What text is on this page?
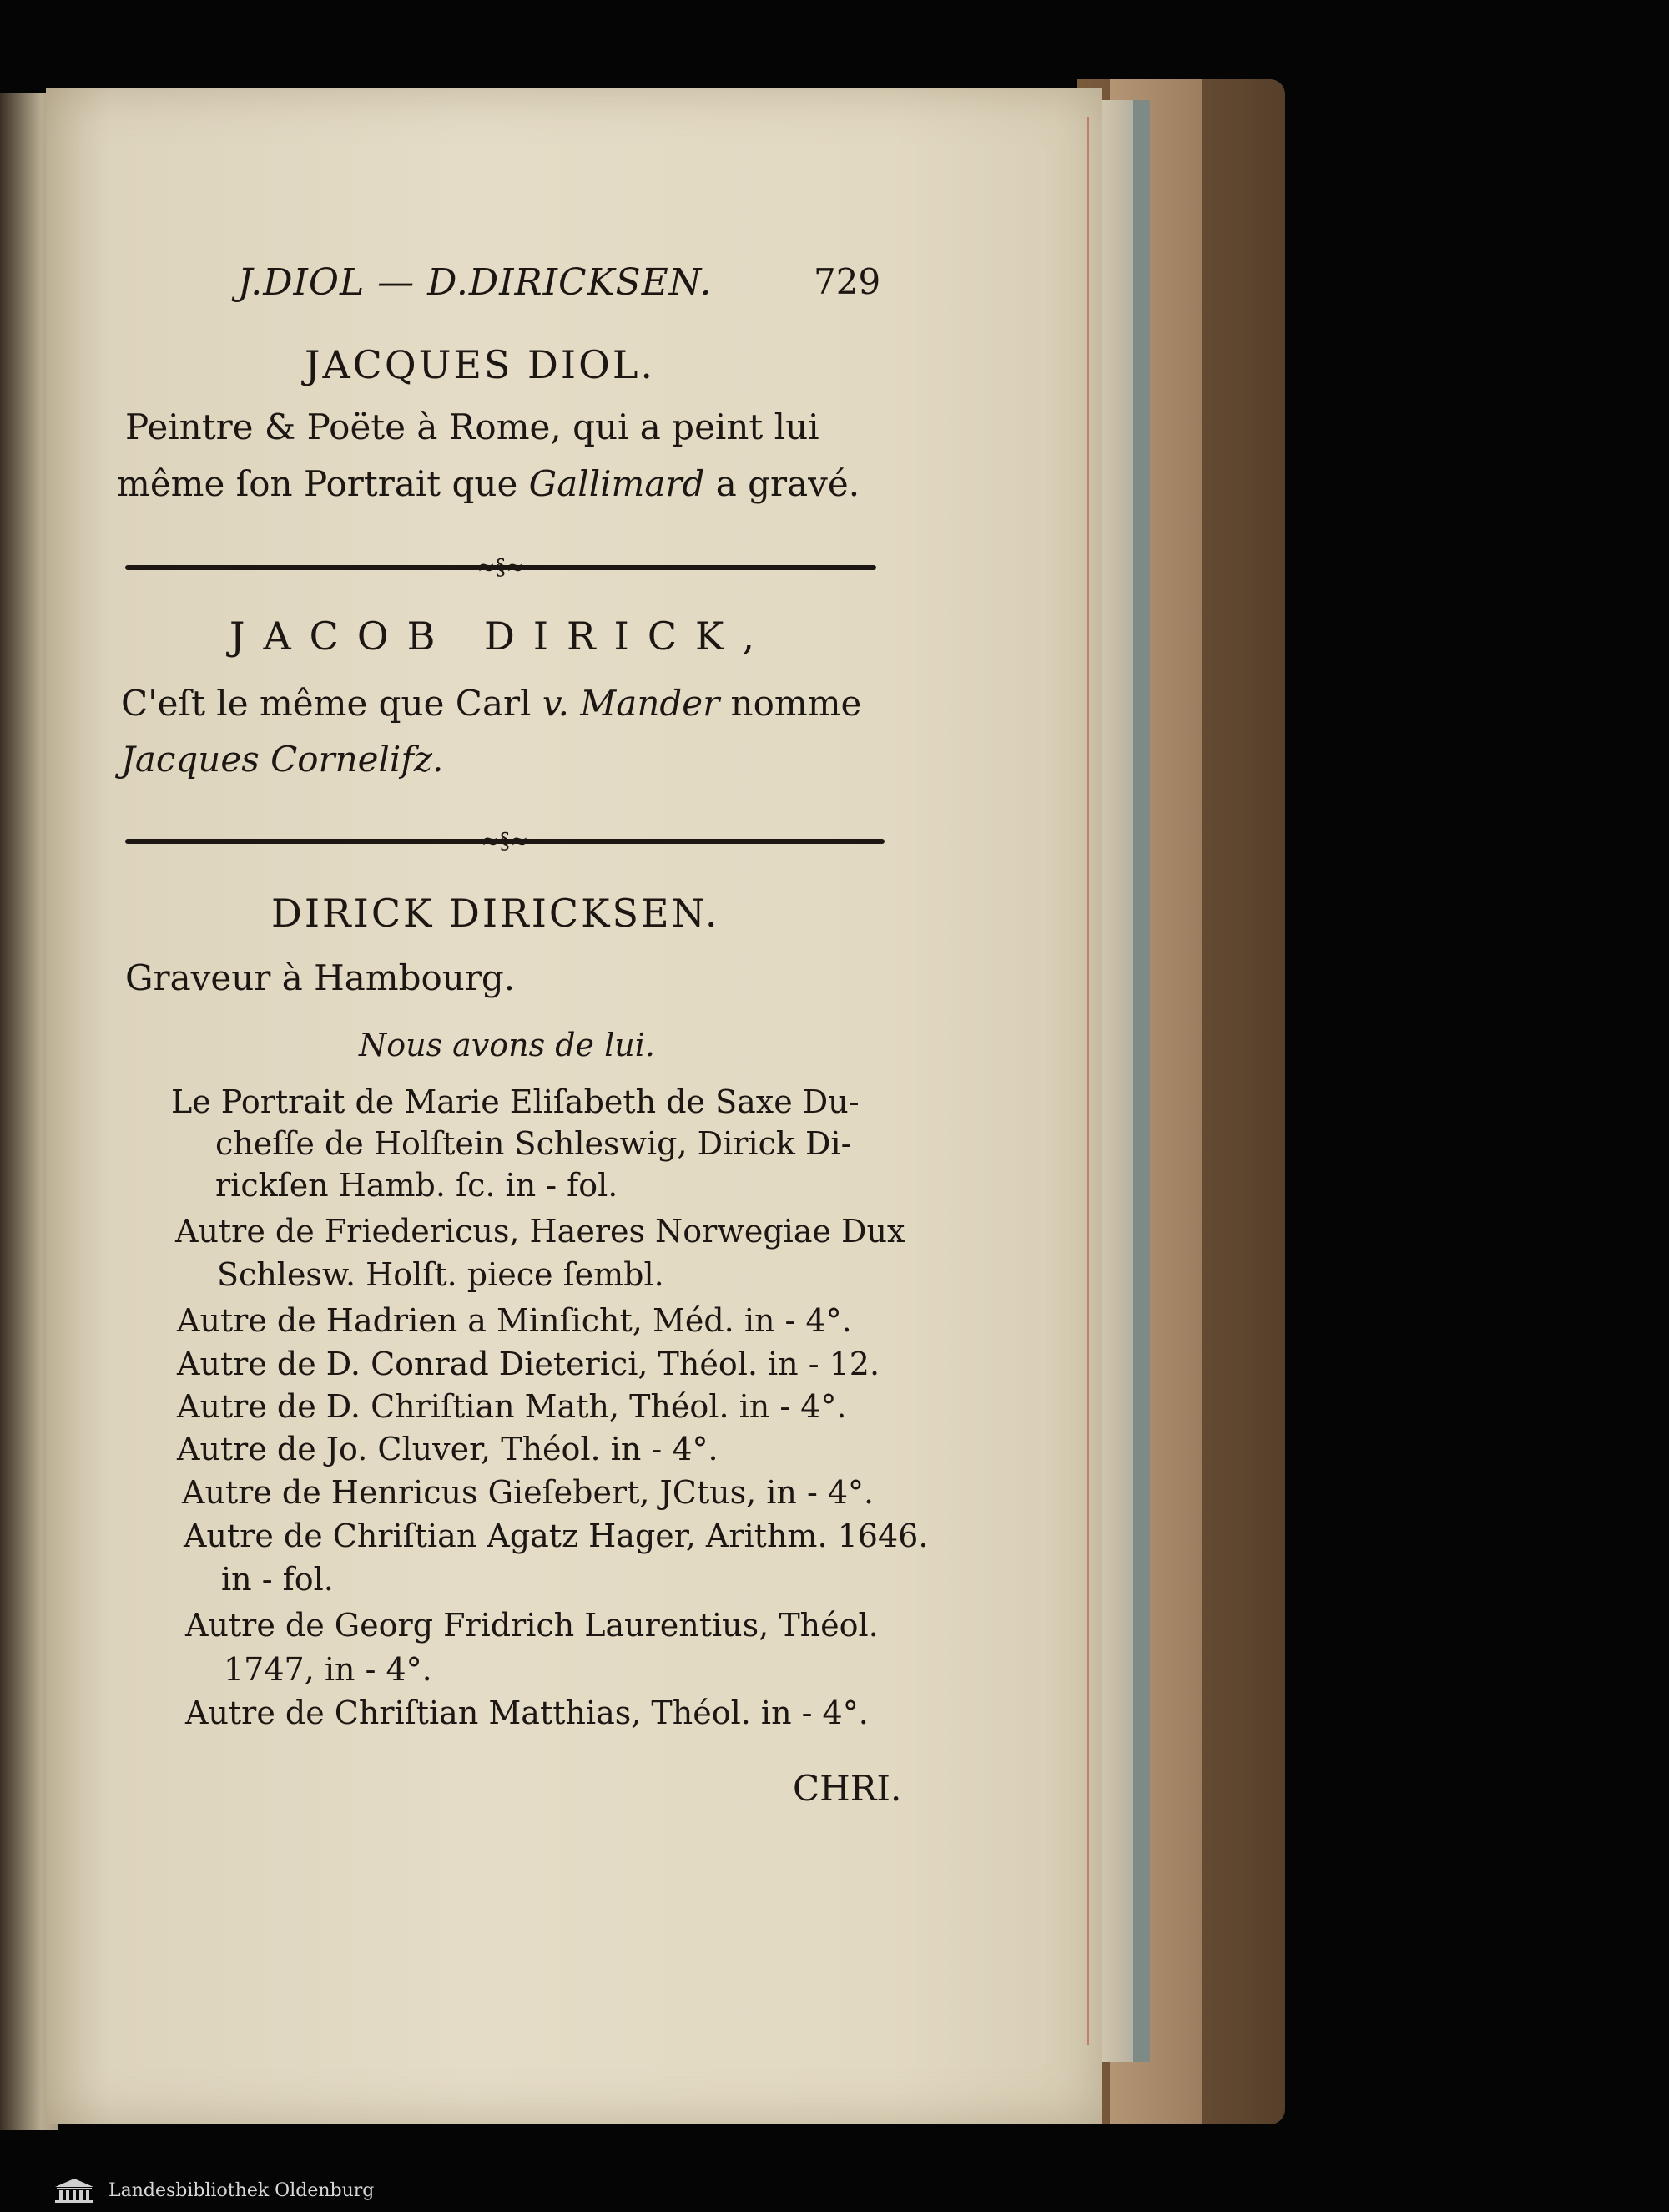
J.DIOL — D.DIRICKSEN.	729
JACQUES DIOL.
Peintre & Poëte à Rome, qui a peint lui
même ſon Portrait que Gallimard a gravé.
~≈§≈~
JACOB DIRICK,
C'eſt le même que Carl v. Mander nomme
Jacques Cornelifz.
~≈§≈~
DIRICK DIRICKSEN.
Graveur à Hambourg.
Nous avons de lui.
Le Portrait de Marie Eliſabeth de Saxe Du-
cheſſe de Holſtein Schleswig, Dirick Di-
rickſen Hamb. ſc. in - fol.
Autre de Friedericus, Haeres Norwegiae Dux
Schlesw. Holſt. piece ſembl.
Autre de Hadrien a Minſicht, Méd. in - 4°.
Autre de D. Conrad Dieterici, Théol. in - 12.
Autre de D. Chriſtian Math, Théol. in - 4°.
Autre de Jo. Cluver, Théol. in - 4°.
Autre de Henricus Gieſebert, JCtus, in - 4°.
Autre de Chriſtian Agatz Hager, Arithm. 1646.
in - fol.
Autre de Georg Fridrich Laurentius, Théol.
1747, in - 4°.
Autre de Chriſtian Matthias, Théol. in - 4°.
CHRI.
Landesbibliothek Oldenburg
